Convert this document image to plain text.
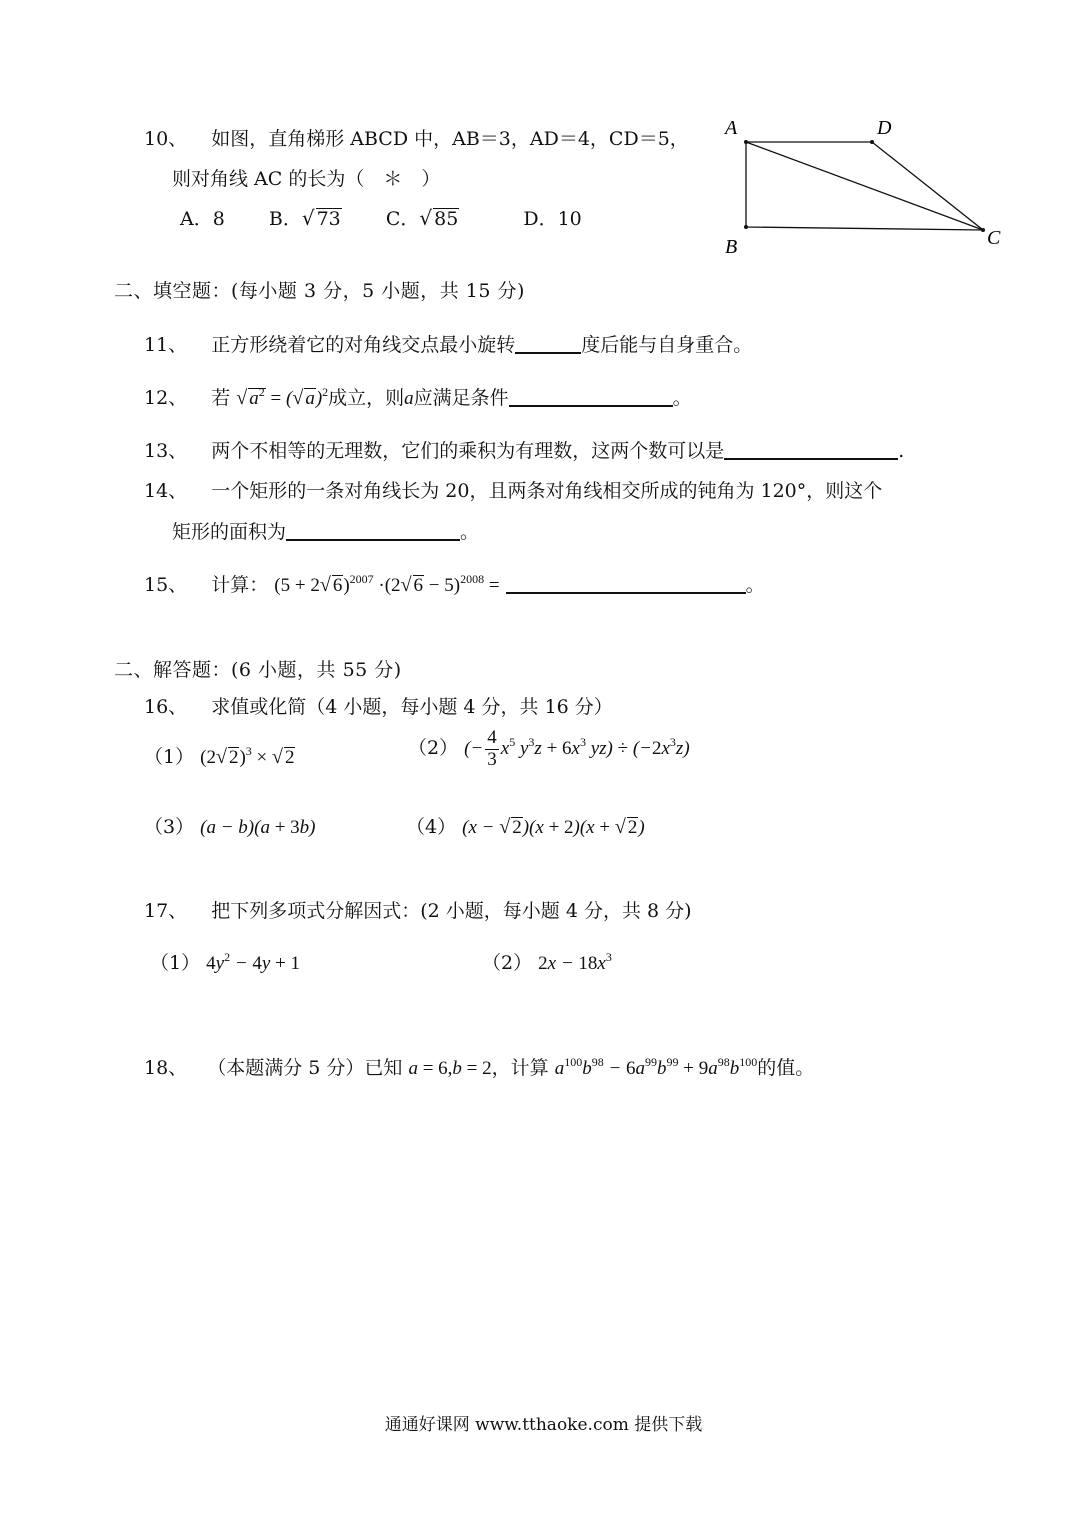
10、 如图，直角梯形 ABCD 中，AB＝3，AD＝4，CD＝5，
则对角线 AC 的长为（　＊　）
A．8 B．√ 73 C．√ 85	D．10
A	D
C
B
二、填空题：(每小题 3 分，5 小题，共 15 分)
11、 正方形绕着它的对角线交点最小旋转	度后能与自身重合。
12、 若 √ $a^2$ = (√ a)$^2$成立，则a应满足条件	。
13、 两个不相等的无理数，它们的乘积为有理数，这两个数可以是	.
14、 一个矩形的一条对角线长为 20，且两条对角线相交所成的钝角为 120°，则这个
矩形的面积为	。
15、 计算： (5 + 2√ 6)$^{2007}$ ·(2√ 6 − 5)$^{2008}$ =	。
二、解答题：(6 小题，共 55 分)
16、 求值或化简（4 小题，每小题 4 分，共 16 分）
（1） (2√ 2)$^3$ × √ 2	（2） (− $\frac{4}{3} x^5$ $y^3z + 6x^3$ $yz) \div (-2x^3z)$
（3） (a − b)(a + 3b)	（4） (x − √ 2)(x + 2)(x + √ 2)
17、 把下列多项式分解因式：(2 小题，每小题 4 分，共 8 分)
（1） $4y^2 - 4y + 1$	（2） $2x - 18x^3$
18、 （本题满分 5 分）已知 a = 6,b = 2，计算 $a^{100}b^{98} - 6a^{99}b^{99} + 9a^{98}b^{100}$的值。
通通好课网 www.tthaoke.com 提供下载
